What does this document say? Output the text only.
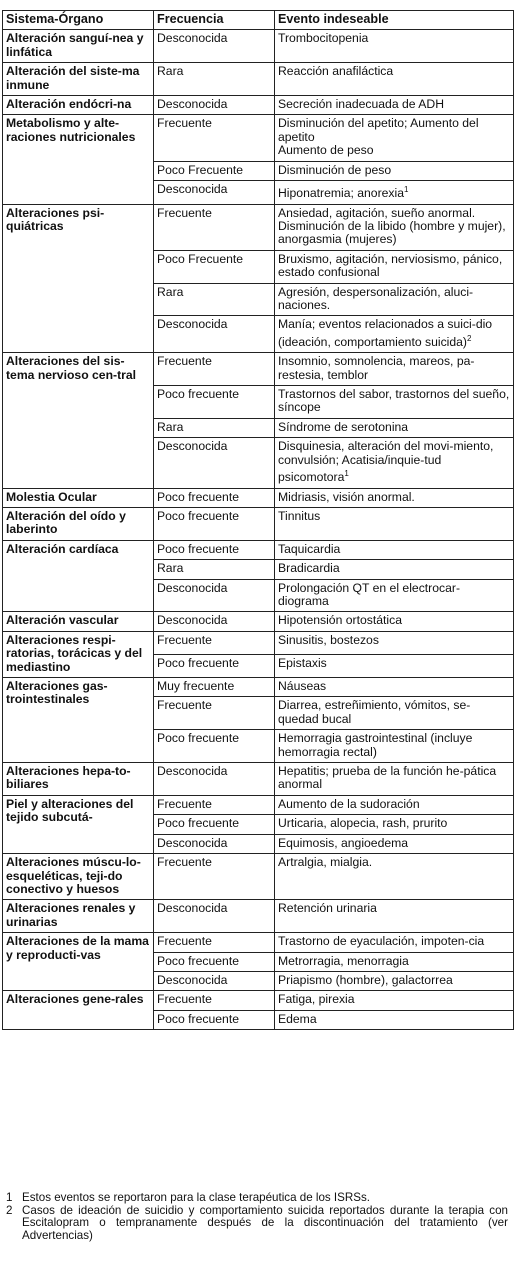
Sistema-Órgano	Frecuencia	Evento indeseable
Alteración sanguí-nea y linfática	Desconocida	Trombocitopenia
Alteración del siste-ma inmune	Rara	Reacción anafiláctica
Alteración endócri-na	Desconocida	Secreción inadecuada de ADH
Metabolismo y alte-raciones nutricionales	Frecuente	Disminución del apetito; Aumento del apetito
Aumento de peso
	Poco Frecuente	Disminución de peso
	Desconocida	Hiponatremia; anorexia$^1$
Alteraciones psi-quiátricas	Frecuente	Ansiedad, agitación, sueño anormal. Disminución de la libido (hombre y mujer), anorgasmia (mujeres)
	Poco Frecuente	Bruxismo, agitación, nerviosismo, pánico, estado confusional
	Rara	Agresión, despersonalización, aluci-naciones.
	Desconocida	Manía; eventos relacionados a suici-dio (ideación, comportamiento suicida)$^2$
Alteraciones del sis-tema nervioso cen-tral	Frecuente	Insomnio, somnolencia, mareos, pa-restesia, temblor
	Poco frecuente	Trastornos del sabor, trastornos del sueño, síncope
	Rara	Síndrome de serotonina
	Desconocida	Disquinesia, alteración del movi-miento, convulsión; Acatisia/inquie-tud psicomotora$^1$
Molestia Ocular	Poco frecuente	Midriasis, visión anormal.
Alteración del oído y laberinto	Poco frecuente	Tinnitus
Alteración cardíaca	Poco frecuente	Taquicardia
	Rara	Bradicardia
	Desconocida	Prolongación QT en el electrocar-diograma
Alteración vascular	Desconocida	Hipotensión ortostática
Alteraciones respi-ratorias, torácicas y del mediastino	Frecuente	Sinusitis, bostezos
	Poco frecuente	Epistaxis
Alteraciones gas-trointestinales	Muy frecuente	Náuseas
	Frecuente	Diarrea, estreñimiento, vómitos, se-quedad bucal
	Poco frecuente	Hemorragia gastrointestinal (incluye hemorragia rectal)
Alteraciones hepa-to-biliares	Desconocida	Hepatitis; prueba de la función he-pática anormal
Piel y alteraciones del tejido subcutá-	Frecuente	Aumento de la sudoración
	Poco frecuente	Urticaria, alopecia, rash, prurito
	Desconocida	Equimosis, angioedema
Alteraciones múscu-lo-esqueléticas, teji-do conectivo y huesos	Frecuente	Artralgia, mialgia.
Alteraciones renales y urinarias	Desconocida	Retención urinaria
Alteraciones de la mama y reproducti-vas	Frecuente	Trastorno de eyaculación, impoten-cia
	Poco frecuente	Metrorragia, menorragia
	Desconocida	Priapismo (hombre), galactorrea
Alteraciones gene-rales	Frecuente	Fatiga, pirexia
	Poco frecuente	Edema
1 Estos eventos se reportaron para la clase terapéutica de los ISRSs.
2 Casos de ideación de suicidio y comportamiento suicida reportados durante la terapia con Escitalopram o tempranamente después de la discontinuación del tratamiento (ver Advertencias)
